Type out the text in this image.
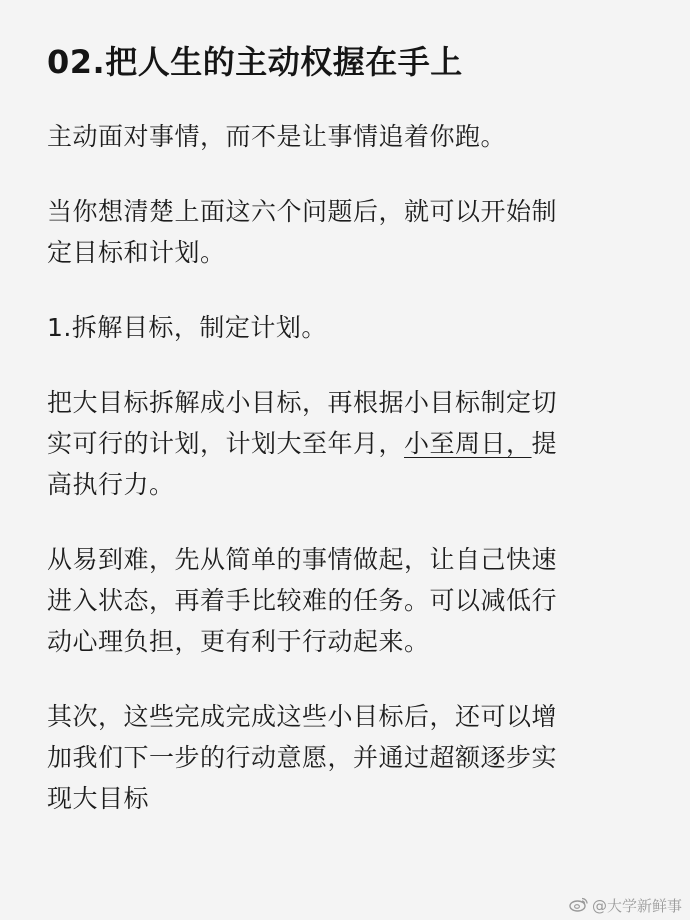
02.把人生的主动权握在手上
主动面对事情，而不是让事情追着你跑。
当你想清楚上面这六个问题后，就可以开始制
定目标和计划。
1.拆解目标，制定计划。
把大目标拆解成小目标，再根据小目标制定切
实可行的计划，计划大至年月，小至周日，提
高执行力。
从易到难，先从简单的事情做起，让自己快速
进入状态，再着手比较难的任务。可以减低行
动心理负担，更有利于行动起来。
其次，这些完成完成这些小目标后，还可以增
加我们下一步的行动意愿，并通过超额逐步实
现大目标
@大学新鲜事
